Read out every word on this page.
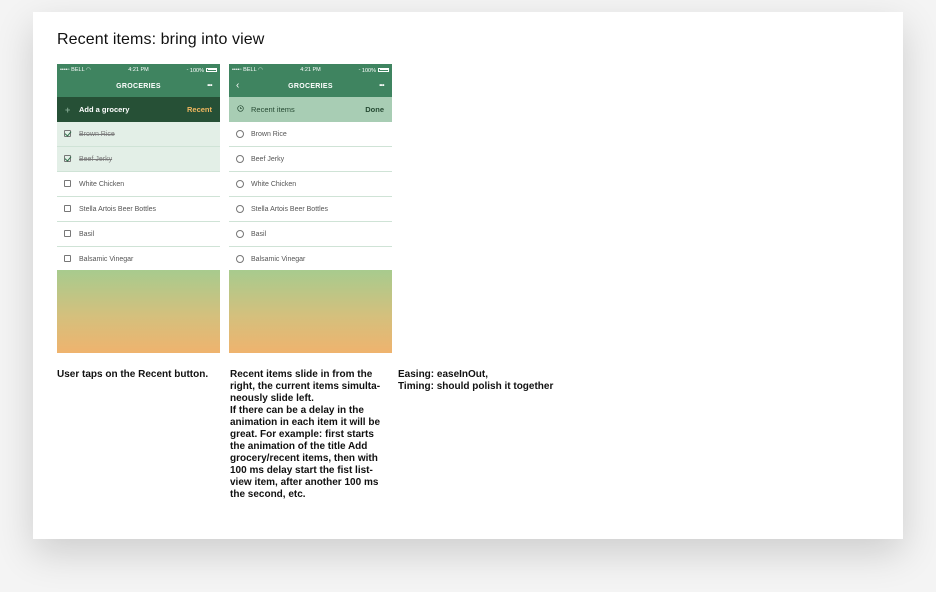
Recent items: bring into view
••••◦ BELL ◠	4:21 PM	ᱼ 100%
GROCERIES	•••
+ Add a grocery	Recent
Brown Rice
Beef Jerky
White Chicken
Stella Artois Beer Bottles
Basil
Balsamic Vinegar
••••◦ BELL ◠	4:21 PM	ᱼ 100%
‹	GROCERIES	•••
Recent items	Done
Brown Rice
Beef Jerky
White Chicken
Stella Artois Beer Bottles
Basil
Balsamic Vinegar
User taps on the Recent button.	Recent items slide in from the right, the current items simulta-neously slide left.
If there can be a delay in the animation in each item it will be great. For example: first starts the animation of the title Add grocery/recent items, then with 100 ms delay start the fist list-view item, after another 100 ms the second, etc.
Easing: easeInOut,
Timing: should polish it together
